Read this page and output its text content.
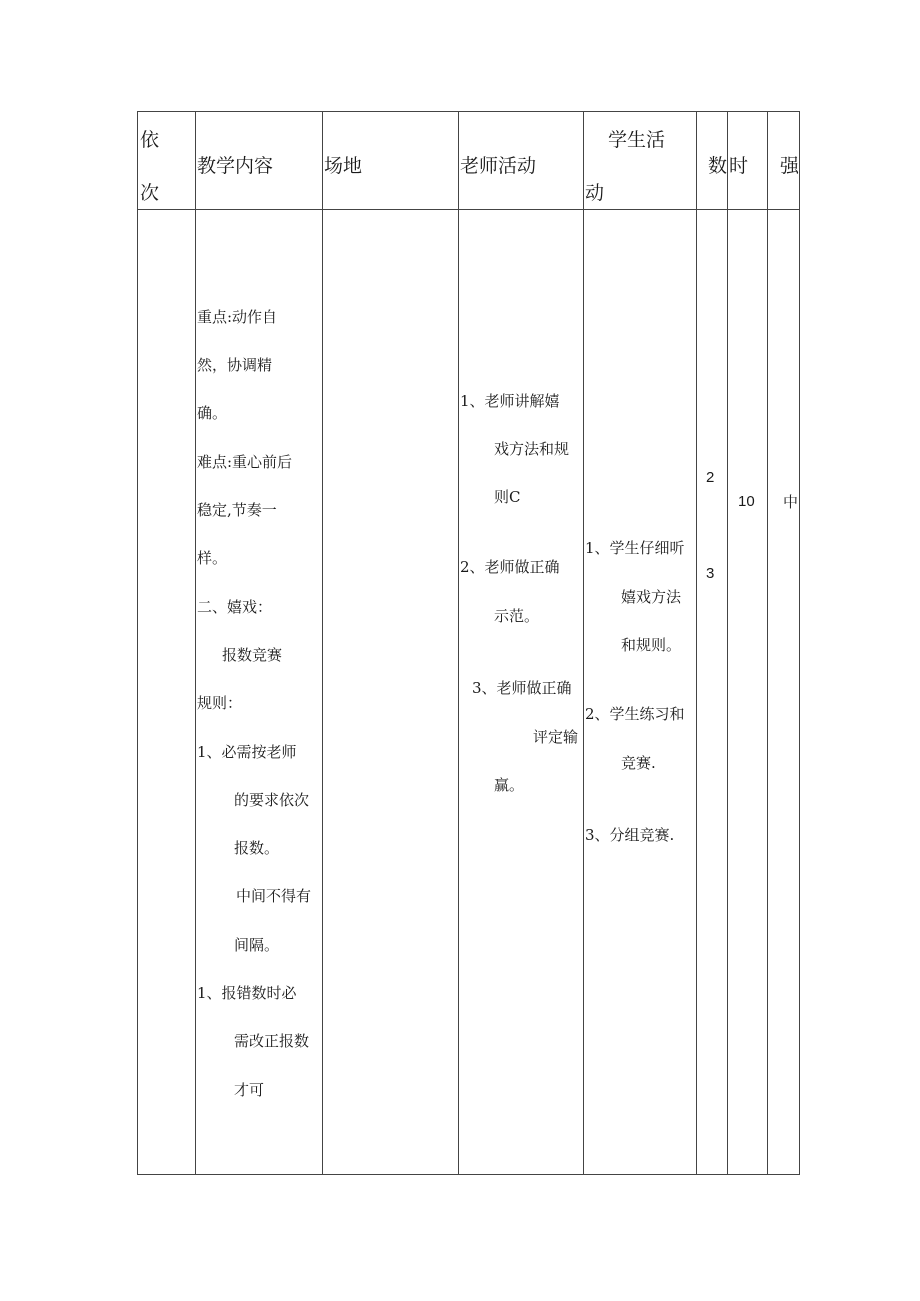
依
次
教学内容	场地	老师活动
学生活
动
数 时 强
重点:动作自
然，协调精
确。
难点:重心前后
稳定,节奏一
样。
二、嬉戏：
报数竞赛
规则：
1、必需按老师
的要求依次
报数。
中间不得有
间隔。
1、报错数时必
需改正报数
才可
1、老师讲解嬉
戏方法和规
则C
2、老师做正确
示范。
3、老师做正确
评定输
赢。
1、学生仔细听
嬉戏方法
和规则。
2、学生练习和
竞赛.
3、分组竞赛.
2
3
10 中
